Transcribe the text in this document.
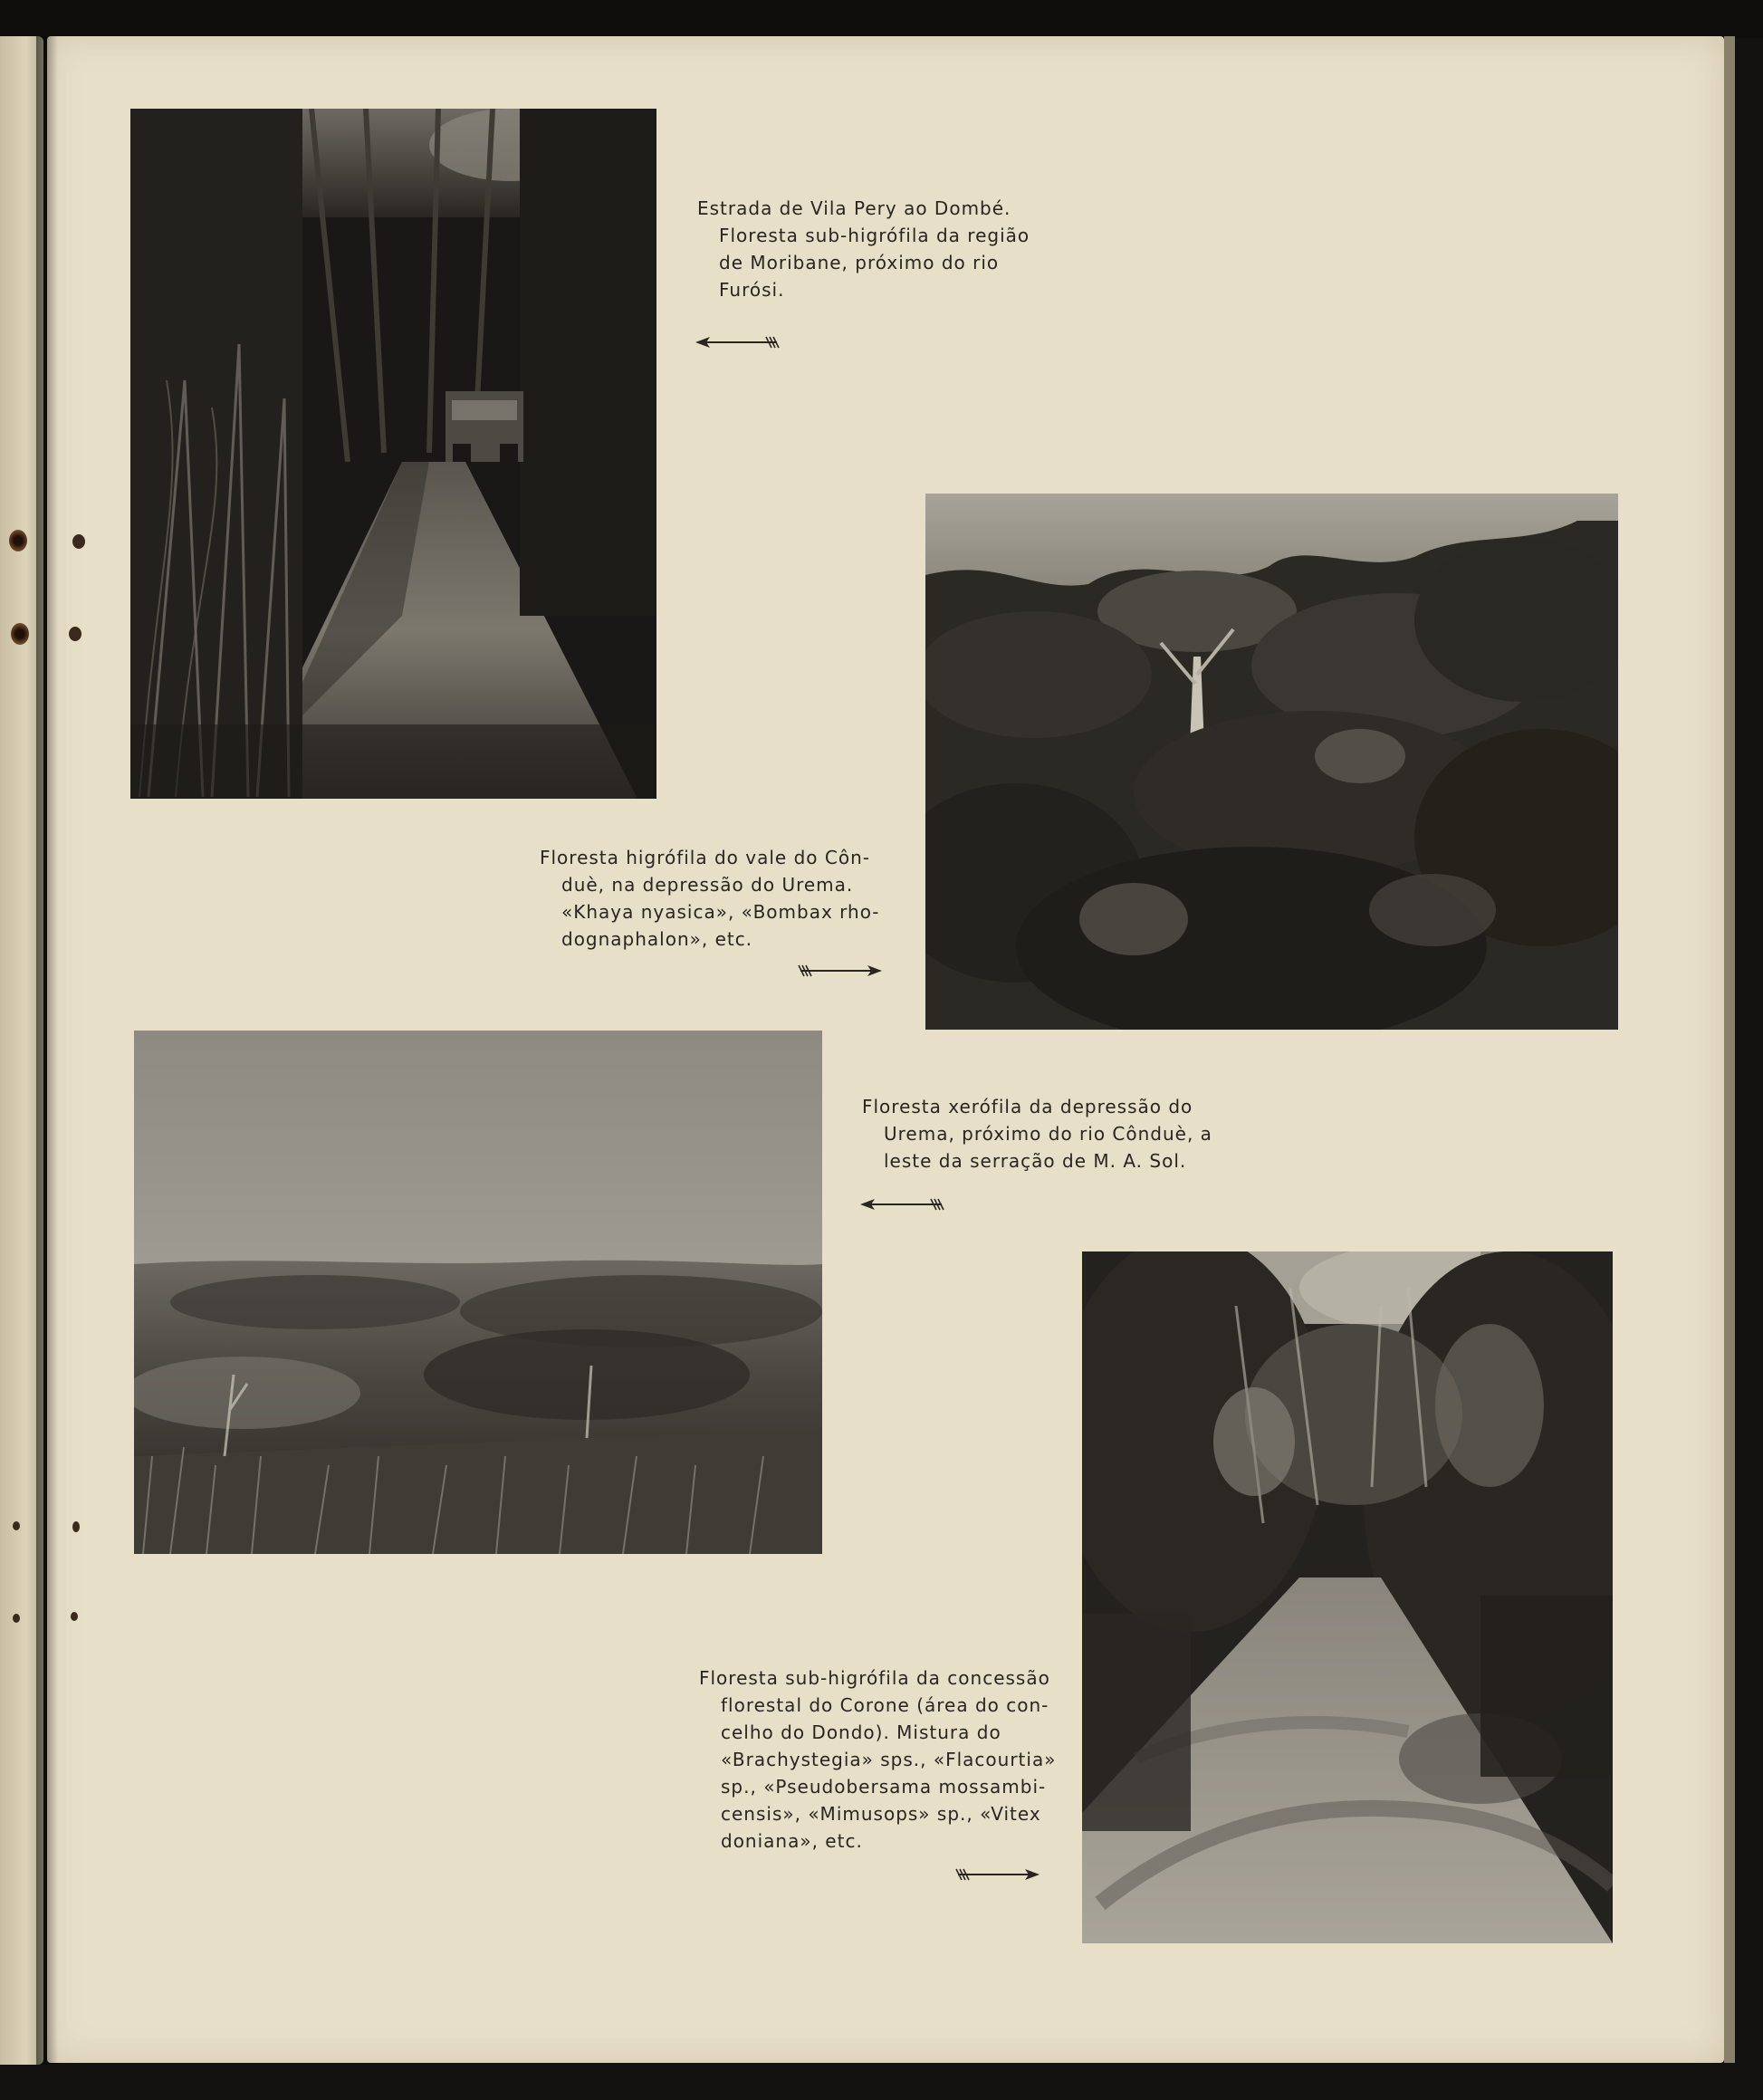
Estrada de Vila Pery ao Dombé.
Floresta sub-higrófila da região
de Moribane, próximo do rio
Furósi.
Floresta higrófila do vale do Côn-
duè, na depressão do Urema.
«Khaya nyasica», «Bombax rho-
dognaphalon», etc.
Floresta xerófila da depressão do
Urema, próximo do rio Cônduè, a
leste da serração de M. A. Sol.
Floresta sub-higrófila da concessão
florestal do Corone (área do con-
celho do Dondo). Mistura do
«Brachystegia» sps., «Flacourtia»
sp., «Pseudobersama mossambi-
censis», «Mimusops» sp., «Vitex
doniana», etc.
